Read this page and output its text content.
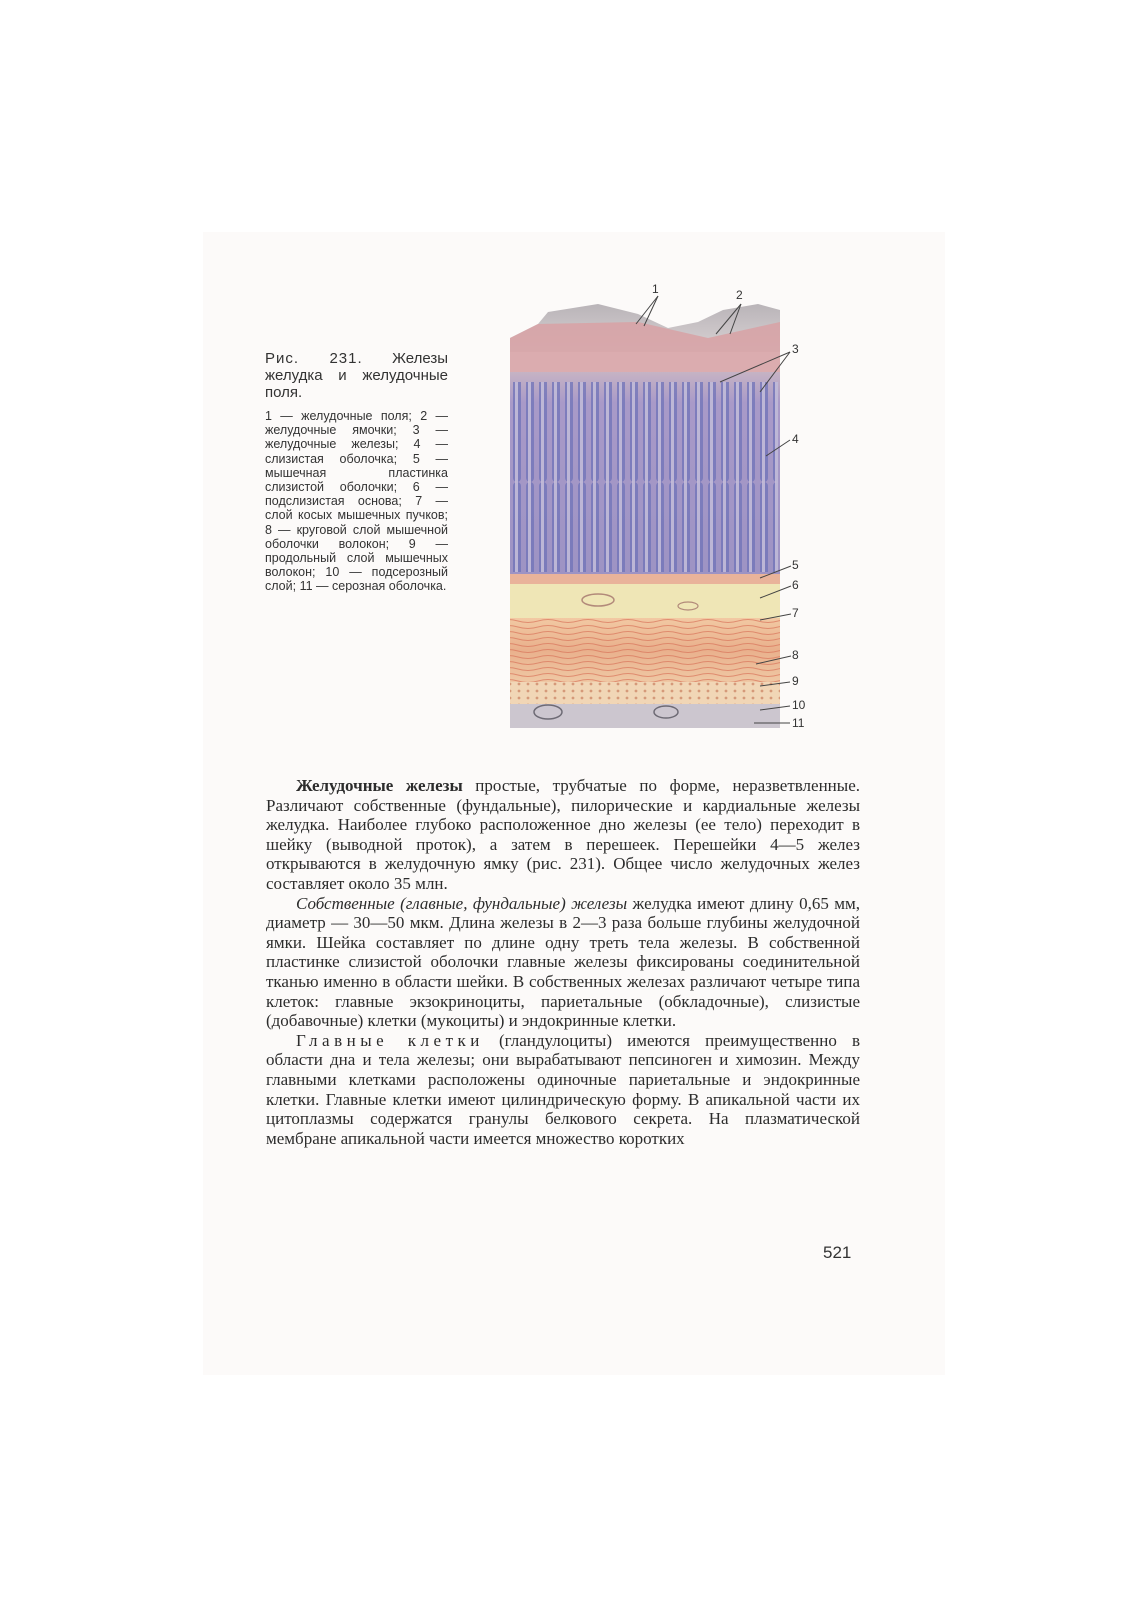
Рис. 231. Железы желудка и желудочные поля.

1 — желудочные поля; 2 — желудочные ямочки; 3 — желудочные железы; 4 — слизистая оболочка; 5 — мышечная пластинка слизистой оболочки; 6 — подслизистая основа; 7 — слой косых мышечных пучков; 8 — круговой слой мышечной оболочки волокон; 9 — продольный слой мышечных волокон; 10 — подсерозный слой; 11 — серозная оболочка.

1	2
3
4
5
6
7
8
9
10
11

Желудочные железы простые, трубчатые по форме, неразветвленные. Различают собственные (фундальные), пилорические и кардиальные железы желудка. Наиболее глубоко расположенное дно железы (ее тело) переходит в шейку (выводной проток), а затем в перешеек. Перешейки 4—5 желез открываются в желудочную ямку (рис. 231). Общее число желудочных желез составляет около 35 млн.

Собственные (главные, фундальные) железы желудка имеют длину 0,65 мм, диаметр — 30—50 мкм. Длина железы в 2—3 раза больше глубины желудочной ямки. Шейка составляет по длине одну треть тела железы. В собственной пластинке слизистой оболочки главные железы фиксированы соединительной тканью именно в области шейки. В собственных железах различают четыре типа клеток: главные экзокриноциты, париетальные (обкладочные), слизистые (добавочные) клетки (мукоциты) и эндокринные клетки.

Главные клетки (гландулоциты) имеются преимущественно в области дна и тела железы; они вырабатывают пепсиноген и химозин. Между главными клетками расположены одиночные париетальные и эндокринные клетки. Главные клетки имеют цилиндрическую форму. В апикальной части их цитоплазмы содержатся гранулы белкового секрета. На плазматической мембране апикальной части имеется множество коротких

521
